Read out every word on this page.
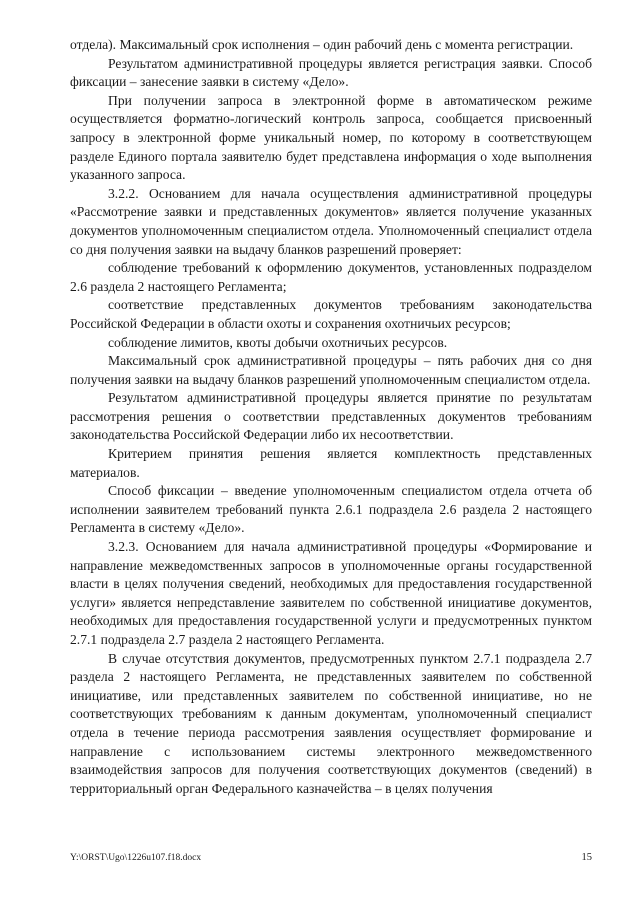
отдела). Максимальный срок исполнения – один рабочий день с момента регистрации.

Результатом административной процедуры является регистрация заявки. Способ фиксации – занесение заявки в систему «Дело».

При получении запроса в электронной форме в автоматическом режиме осуществляется форматно-логический контроль запроса, сообщается присвоенный запросу в электронной форме уникальный номер, по которому в соответствующем разделе Единого портала заявителю будет представлена информация о ходе выполнения указанного запроса.

3.2.2. Основанием для начала осуществления административной процедуры «Рассмотрение заявки и представленных документов» является получение указанных документов уполномоченным специалистом отдела. Уполномоченный специалист отдела со дня получения заявки на выдачу бланков разрешений проверяет:

соблюдение требований к оформлению документов, установленных подразделом 2.6 раздела 2 настоящего Регламента;

соответствие представленных документов требованиям законодательства Российской Федерации в области охоты и сохранения охотничьих ресурсов;

соблюдение лимитов, квоты добычи охотничьих ресурсов.

Максимальный срок административной процедуры – пять рабочих дня со дня получения заявки на выдачу бланков разрешений уполномоченным специалистом отдела.

Результатом административной процедуры является принятие по результатам рассмотрения решения о соответствии представленных документов требованиям законодательства Российской Федерации либо их несоответствии.

Критерием принятия решения является комплектность представленных материалов.

Способ фиксации – введение уполномоченным специалистом отдела отчета об исполнении заявителем требований пункта 2.6.1 подраздела 2.6 раздела 2 настоящего Регламента в систему «Дело».

3.2.3. Основанием для начала административной процедуры «Формирование и направление межведомственных запросов в уполномоченные органы государственной власти в целях получения сведений, необходимых для предоставления государственной услуги» является непредставление заявителем по собственной инициативе документов, необходимых для предоставления государственной услуги и предусмотренных пунктом 2.7.1 подраздела 2.7 раздела 2 настоящего Регламента.

В случае отсутствия документов, предусмотренных пунктом 2.7.1 подраздела 2.7 раздела 2 настоящего Регламента, не представленных заявителем по собственной инициативе, или представленных заявителем по собственной инициативе, но не соответствующих требованиям к данным документам, уполномоченный специалист отдела в течение периода рассмотрения заявления осуществляет формирование и направление с использованием системы электронного межведомственного взаимодействия запросов для получения соответствующих документов (сведений) в территориальный орган Федерального казначейства – в целях получения

Y:\ORST\Ugo\1226u107.f18.docx	15
